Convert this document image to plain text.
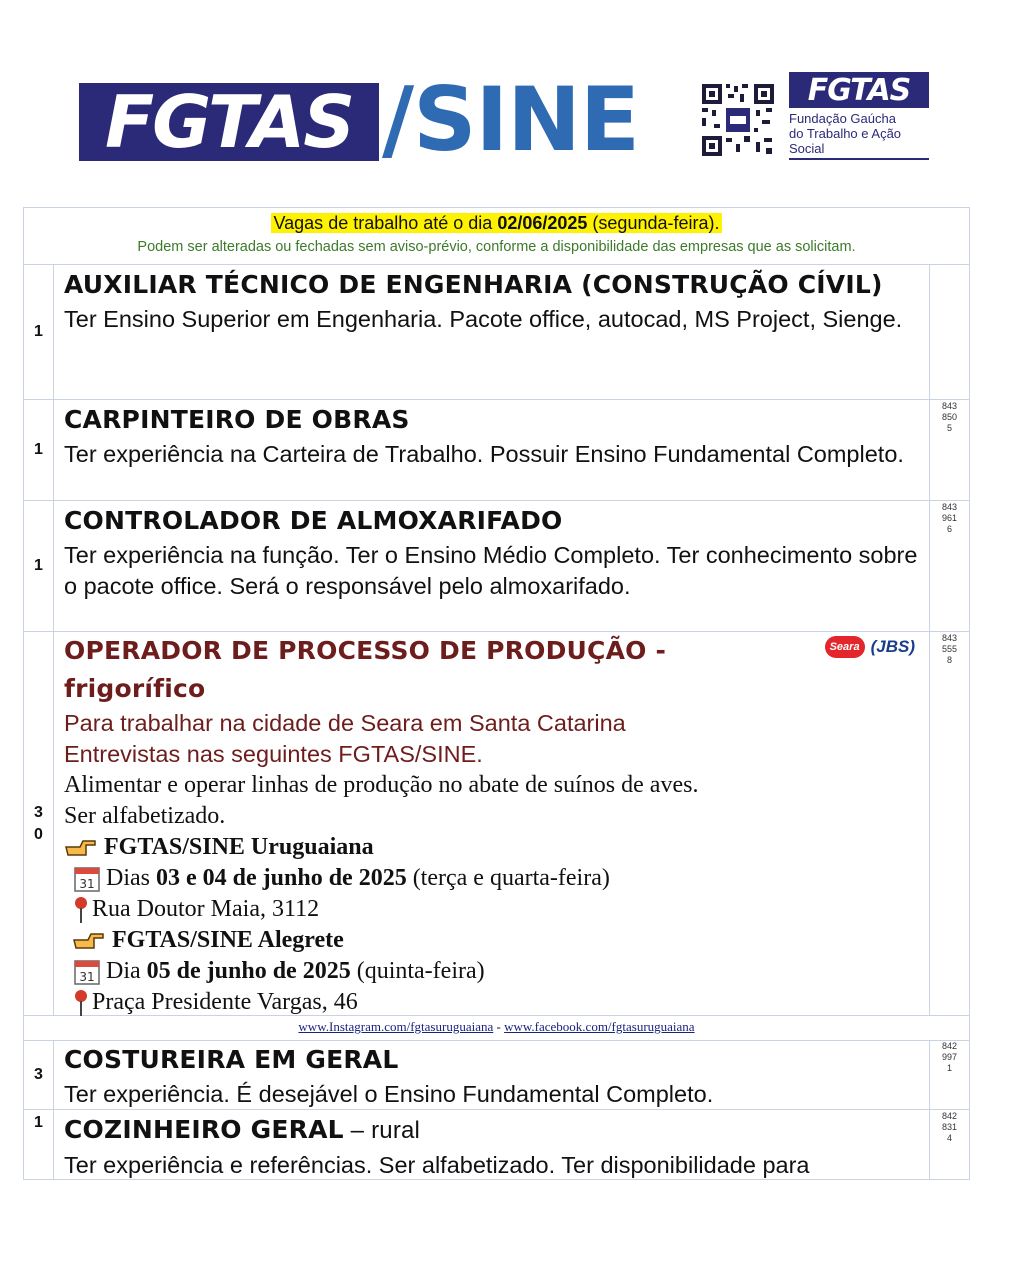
FGTAS /SINE	FGTAS
Fundação Gaúcha
do Trabalho e Ação Social
Vagas de trabalho até o dia 02/06/2025 (segunda-feira).
Podem ser alteradas ou fechadas sem aviso-prévio, conforme a disponibilidade das empresas que as solicitam.
1
AUXILIAR TÉCNICO DE ENGENHARIA (CONSTRUÇÃO CÍVIL)
Ter Ensino Superior em Engenharia. Pacote office, autocad, MS Project, Sienge.
1
CARPINTEIRO DE OBRAS
Ter experiência na Carteira de Trabalho. Possuir Ensino Fundamental Completo.
843
850
5
1
CONTROLADOR DE ALMOXARIFADO
Ter experiência na função. Ter o Ensino Médio Completo. Ter conhecimento sobre o pacote office. Será o responsável pelo almoxarifado.
843
961
6
3
0
Seara (JBS)
OPERADOR DE PROCESSO DE PRODUÇÃO -
frigorífico
Para trabalhar na cidade de Seara em Santa Catarina
Entrevistas nas seguintes FGTAS/SINE.
Alimentar e operar linhas de produção no abate de suínos de aves.
Ser alfabetizado.
FGTAS/SINE Uruguaiana
31 Dias 03 e 04 de junho de 2025 (terça e quarta-feira)
Rua Doutor Maia, 3112
FGTAS/SINE Alegrete
31 Dia 05 de junho de 2025 (quinta-feira)
Praça Presidente Vargas, 46
843
555
8
www.Instagram.com/fgtasuruguaiana - www.facebook.com/fgtasuruguaiana
3 COSTUREIRA EM GERAL
Ter experiência. É desejável o Ensino Fundamental Completo.
842
997
1
1 COZINHEIRO GERAL – rural
Ter experiência e referências. Ser alfabetizado. Ter disponibilidade para
842
831
4
